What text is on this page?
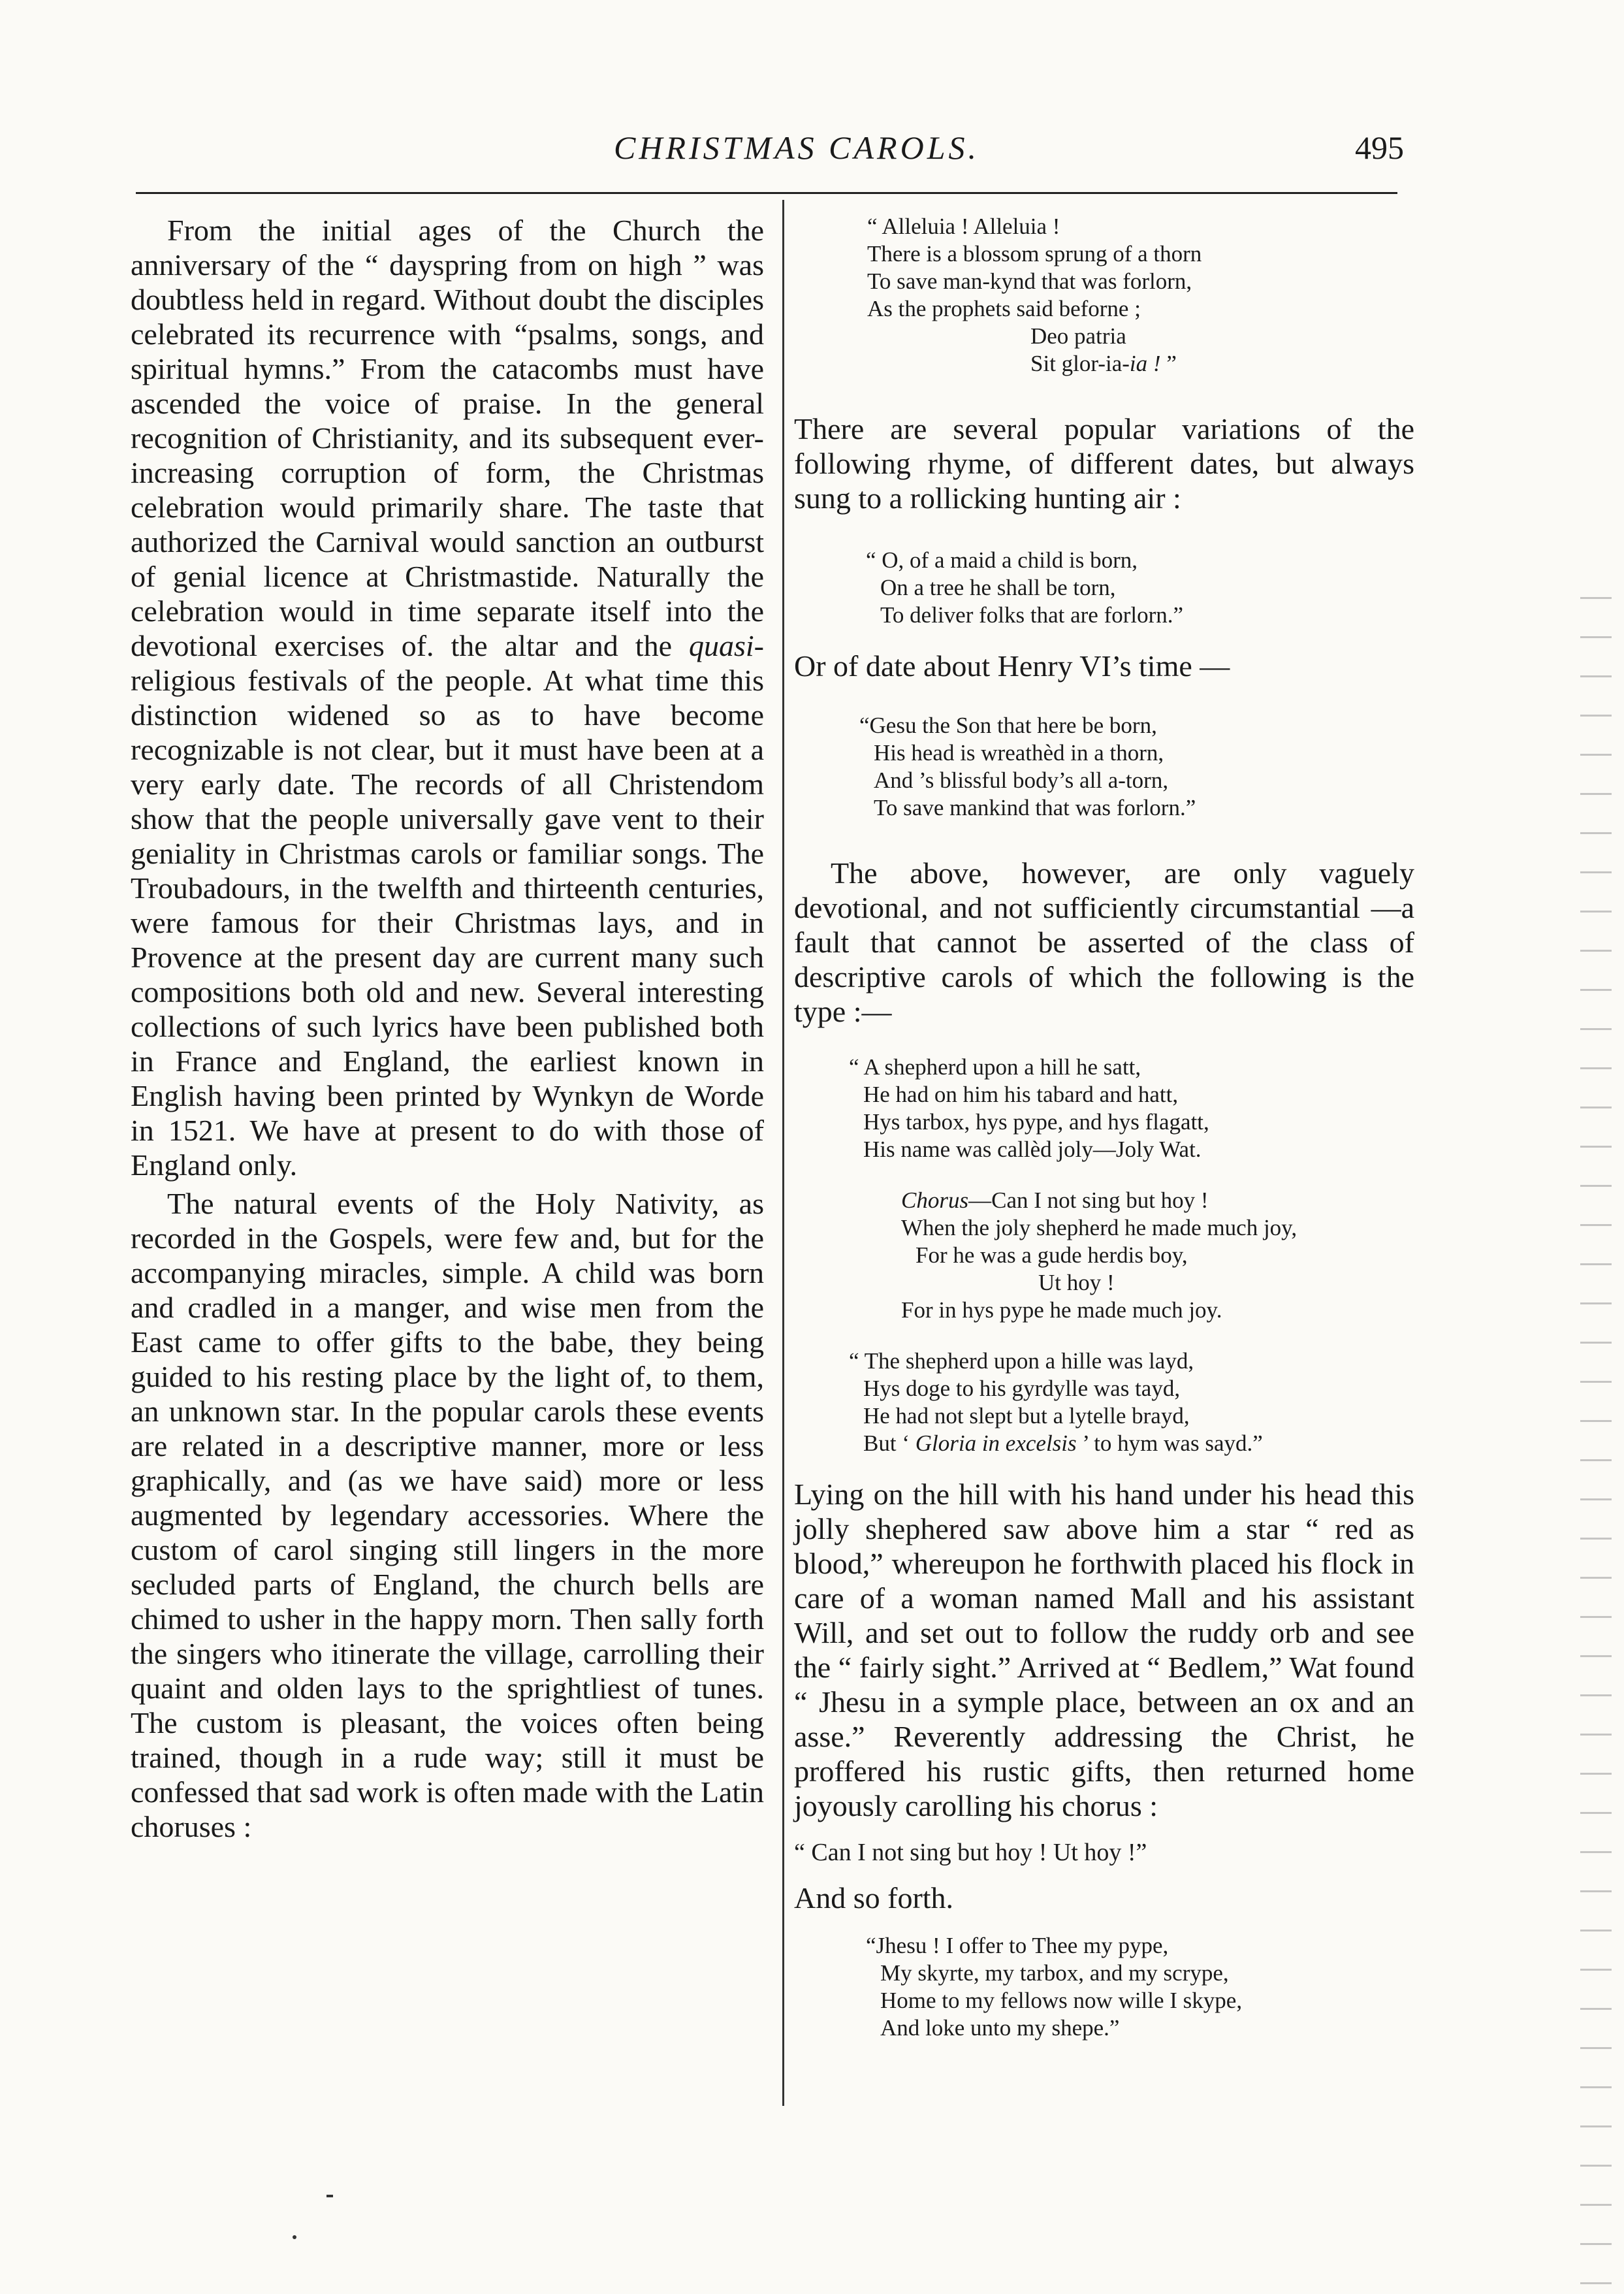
CHRISTMAS CAROLS.	495

From the initial ages of the Church the anniversary of the “ dayspring from on high ” was doubtless held in regard. Without doubt the disciples celebrated its recurrence with “psalms, songs, and spiritual hymns.” From the catacombs must have ascended the voice of praise. In the general recognition of Christianity, and its subsequent ever-increasing corruption of form, the Christmas celebration would primarily share. The taste that authorized the Carnival would sanction an outburst of genial licence at Christmastide. Naturally the celebration would in time separate itself into the devotional exercises of. the altar and the quasi-religious festivals of the people. At what time this distinction widened so as to have become recognizable is not clear, but it must have been at a very early date. The records of all Christendom show that the people universally gave vent to their geniality in Christmas carols or familiar songs. The Troubadours, in the twelfth and thirteenth centuries, were famous for their Christmas lays, and in Provence at the present day are current many such compositions both old and new. Several interesting collections of such lyrics have been published both in France and England, the earliest known in English having been printed by Wynkyn de Worde in 1521. We have at present to do with those of England only.

The natural events of the Holy Nativity, as recorded in the Gospels, were few and, but for the accompanying miracles, simple. A child was born and cradled in a manger, and wise men from the East came to offer gifts to the babe, they being guided to his resting place by the light of, to them, an unknown star. In the popular carols these events are related in a descriptive manner, more or less graphically, and (as we have said) more or less augmented by legendary accessories. Where the custom of carol singing still lingers in the more secluded parts of England, the church bells are chimed to usher in the happy morn. Then sally forth the singers who itinerate the village, carrolling their quaint and olden lays to the sprightliest of tunes. The custom is pleasant, the voices often being trained, though in a rude way; still it must be confessed that sad work is often made with the Latin choruses :

“ Alleluia ! Alleluia !
There is a blossom sprung of a thorn
To save man-kynd that was forlorn,
As the prophets said beforne ;
Deo patria
Sit glor-ia-ia ! ”

There are several popular variations of the following rhyme, of different dates, but always sung to a rollicking hunting air :

“ O, of a maid a child is born,
On a tree he shall be torn,
To deliver folks that are forlorn.”

Or of date about Henry VI’s time —

“Gesu the Son that here be born,
His head is wreathèd in a thorn,
And ’s blissful body’s all a-torn,
To save mankind that was forlorn.”

The above, however, are only vaguely devotional, and not sufficiently circumstantial —a fault that cannot be asserted of the class of descriptive carols of which the following is the type :—

“ A shepherd upon a hill he satt,
He had on him his tabard and hatt,
Hys tarbox, hys pype, and hys flagatt,
His name was callèd joly—Joly Wat.
Chorus—Can I not sing but hoy !
When the joly shepherd he made much joy,
For he was a gude herdis boy,
Ut hoy !
For in hys pype he made much joy.
“ The shepherd upon a hille was layd,
Hys doge to his gyrdylle was tayd,
He had not slept but a lytelle brayd,
But ‘ Gloria in excelsis ’ to hym was sayd.”

Lying on the hill with his hand under his head this jolly shephered saw above him a star “ red as blood,” whereupon he forthwith placed his flock in care of a woman named Mall and his assistant Will, and set out to follow the ruddy orb and see the “ fairly sight.” Arrived at “ Bedlem,” Wat found “ Jhesu in a symple place, between an ox and an asse.” Reverently addressing the Christ, he proffered his rustic gifts, then returned home joyously carolling his chorus :

“ Can I not sing but hoy ! Ut hoy !”

And so forth.

“Jhesu ! I offer to Thee my pype,
My skyrte, my tarbox, and my scrype,
Home to my fellows now wille I skype,
And loke unto my shepe.”
